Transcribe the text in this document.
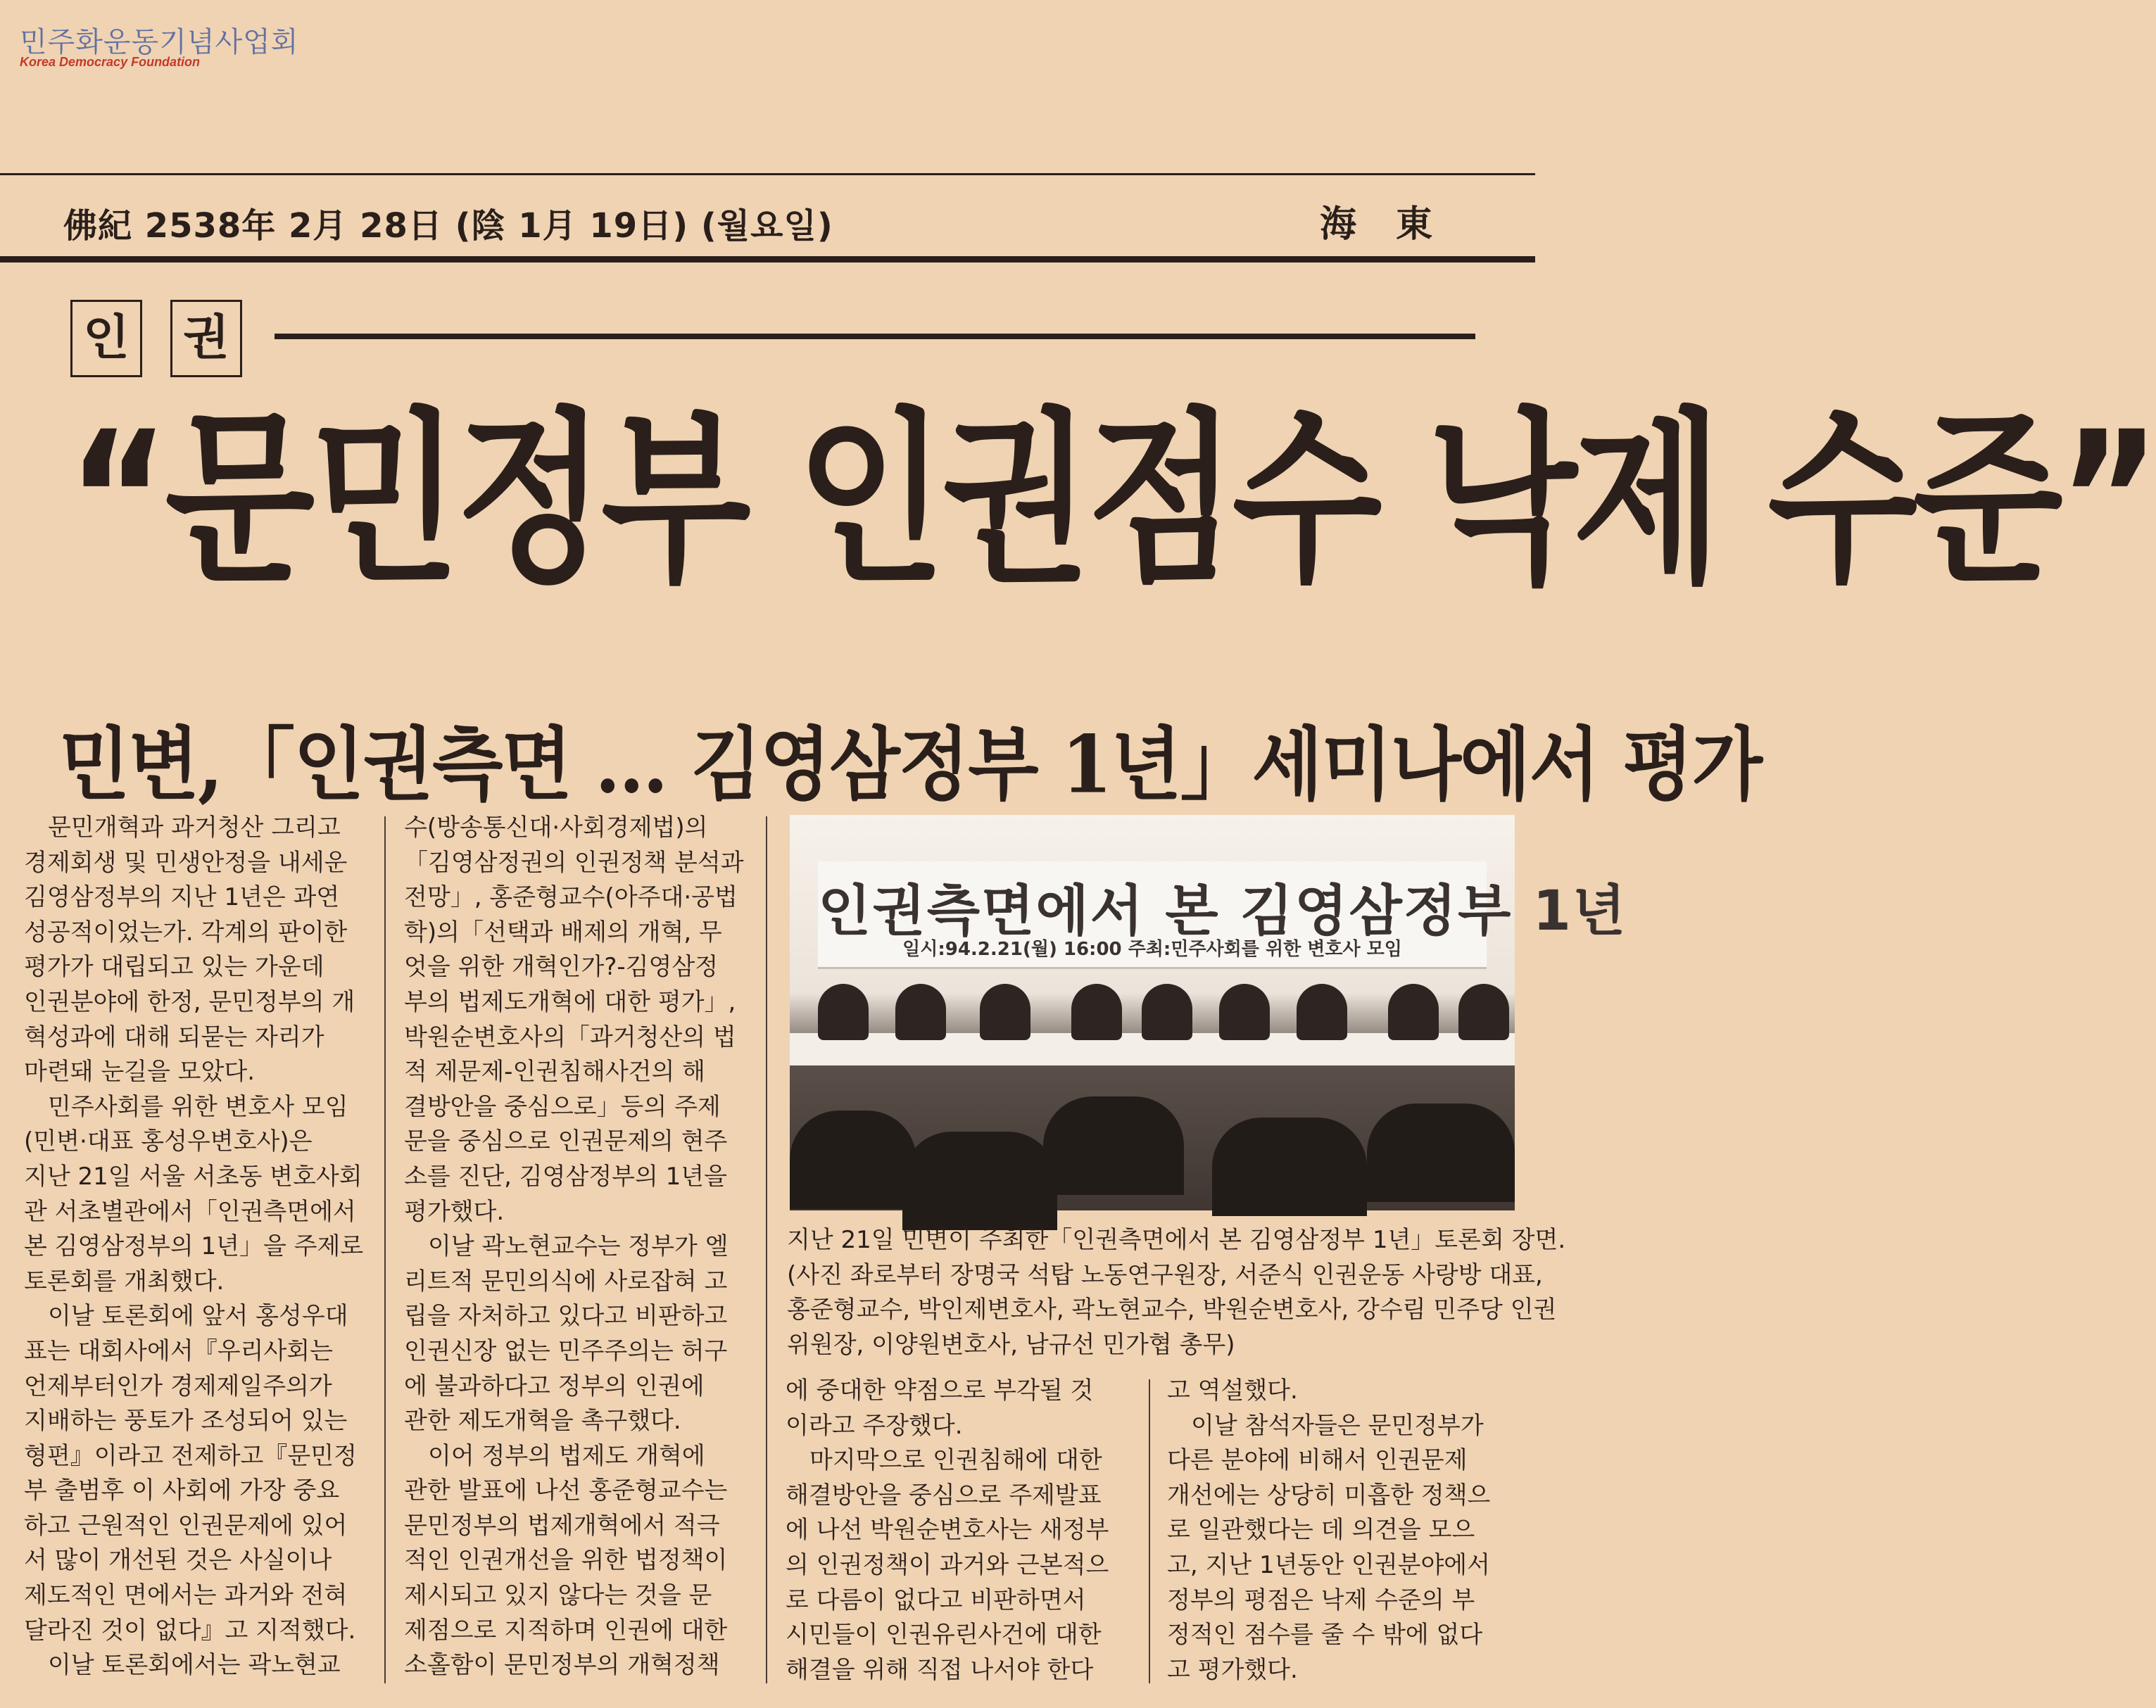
민주화운동기념사업회
Korea Democracy Foundation
佛紀 2538年 2月 28日 (陰 1月 19日) (월요일)	海東
인 권
“문민정부 인권점수 낙제 수준”
민변,「인권측면 … 김영삼정부 1년」세미나에서 평가
문민개혁과 과거청산 그리고
경제회생 및 민생안정을 내세운
김영삼정부의 지난 1년은 과연
성공적이었는가. 각계의 판이한
평가가 대립되고 있는 가운데
인권분야에 한정, 문민정부의 개
혁성과에 대해 되묻는 자리가
마련돼 눈길을 모았다.
민주사회를 위한 변호사 모임
(민변·대표 홍성우변호사)은
지난 21일 서울 서초동 변호사회
관 서초별관에서「인권측면에서
본 김영삼정부의 1년」을 주제로
토론회를 개최했다.
이날 토론회에 앞서 홍성우대
표는 대회사에서『우리사회는
언제부터인가 경제제일주의가
지배하는 풍토가 조성되어 있는
형편』이라고 전제하고『문민정
부 출범후 이 사회에 가장 중요
하고 근원적인 인권문제에 있어
서 많이 개선된 것은 사실이나
제도적인 면에서는 과거와 전혀
달라진 것이 없다』고 지적했다.
이날 토론회에서는 곽노현교
수(방송통신대·사회경제법)의
「김영삼정권의 인권정책 분석과
전망」, 홍준형교수(아주대·공법
학)의「선택과 배제의 개혁, 무
엇을 위한 개혁인가?-김영삼정
부의 법제도개혁에 대한 평가」,
박원순변호사의「과거청산의 법
적 제문제-인권침해사건의 해
결방안을 중심으로」등의 주제
문을 중심으로 인권문제의 현주
소를 진단, 김영삼정부의 1년을
평가했다.
이날 곽노현교수는 정부가 엘
리트적 문민의식에 사로잡혀 고
립을 자처하고 있다고 비판하고
인권신장 없는 민주주의는 허구
에 불과하다고 정부의 인권에
관한 제도개혁을 촉구했다.
이어 정부의 법제도 개혁에
관한 발표에 나선 홍준형교수는
문민정부의 법제개혁에서 적극
적인 인권개선을 위한 법정책이
제시되고 있지 않다는 것을 문
제점으로 지적하며 인권에 대한
소홀함이 문민정부의 개혁정책
인권측면에서 본 김영삼정부 1년
일시:94.2.21(월) 16:00 주최:민주사회를 위한 변호사 모임
지난 21일 민변이 주최한「인권측면에서 본 김영삼정부 1년」토론회 장면.
(사진 좌로부터 장명국 석탑 노동연구원장, 서준식 인권운동 사랑방 대표,
홍준형교수, 박인제변호사, 곽노현교수, 박원순변호사, 강수림 민주당 인권
위원장, 이양원변호사, 남규선 민가협 총무)
에 중대한 약점으로 부각될 것
이라고 주장했다.
마지막으로 인권침해에 대한
해결방안을 중심으로 주제발표
에 나선 박원순변호사는 새정부
의 인권정책이 과거와 근본적으
로 다름이 없다고 비판하면서
시민들이 인권유린사건에 대한
해결을 위해 직접 나서야 한다
고 역설했다.
이날 참석자들은 문민정부가
다른 분야에 비해서 인권문제
개선에는 상당히 미흡한 정책으
로 일관했다는 데 의견을 모으
고, 지난 1년동안 인권분야에서
정부의 평점은 낙제 수준의 부
정적인 점수를 줄 수 밖에 없다
고 평가했다.
